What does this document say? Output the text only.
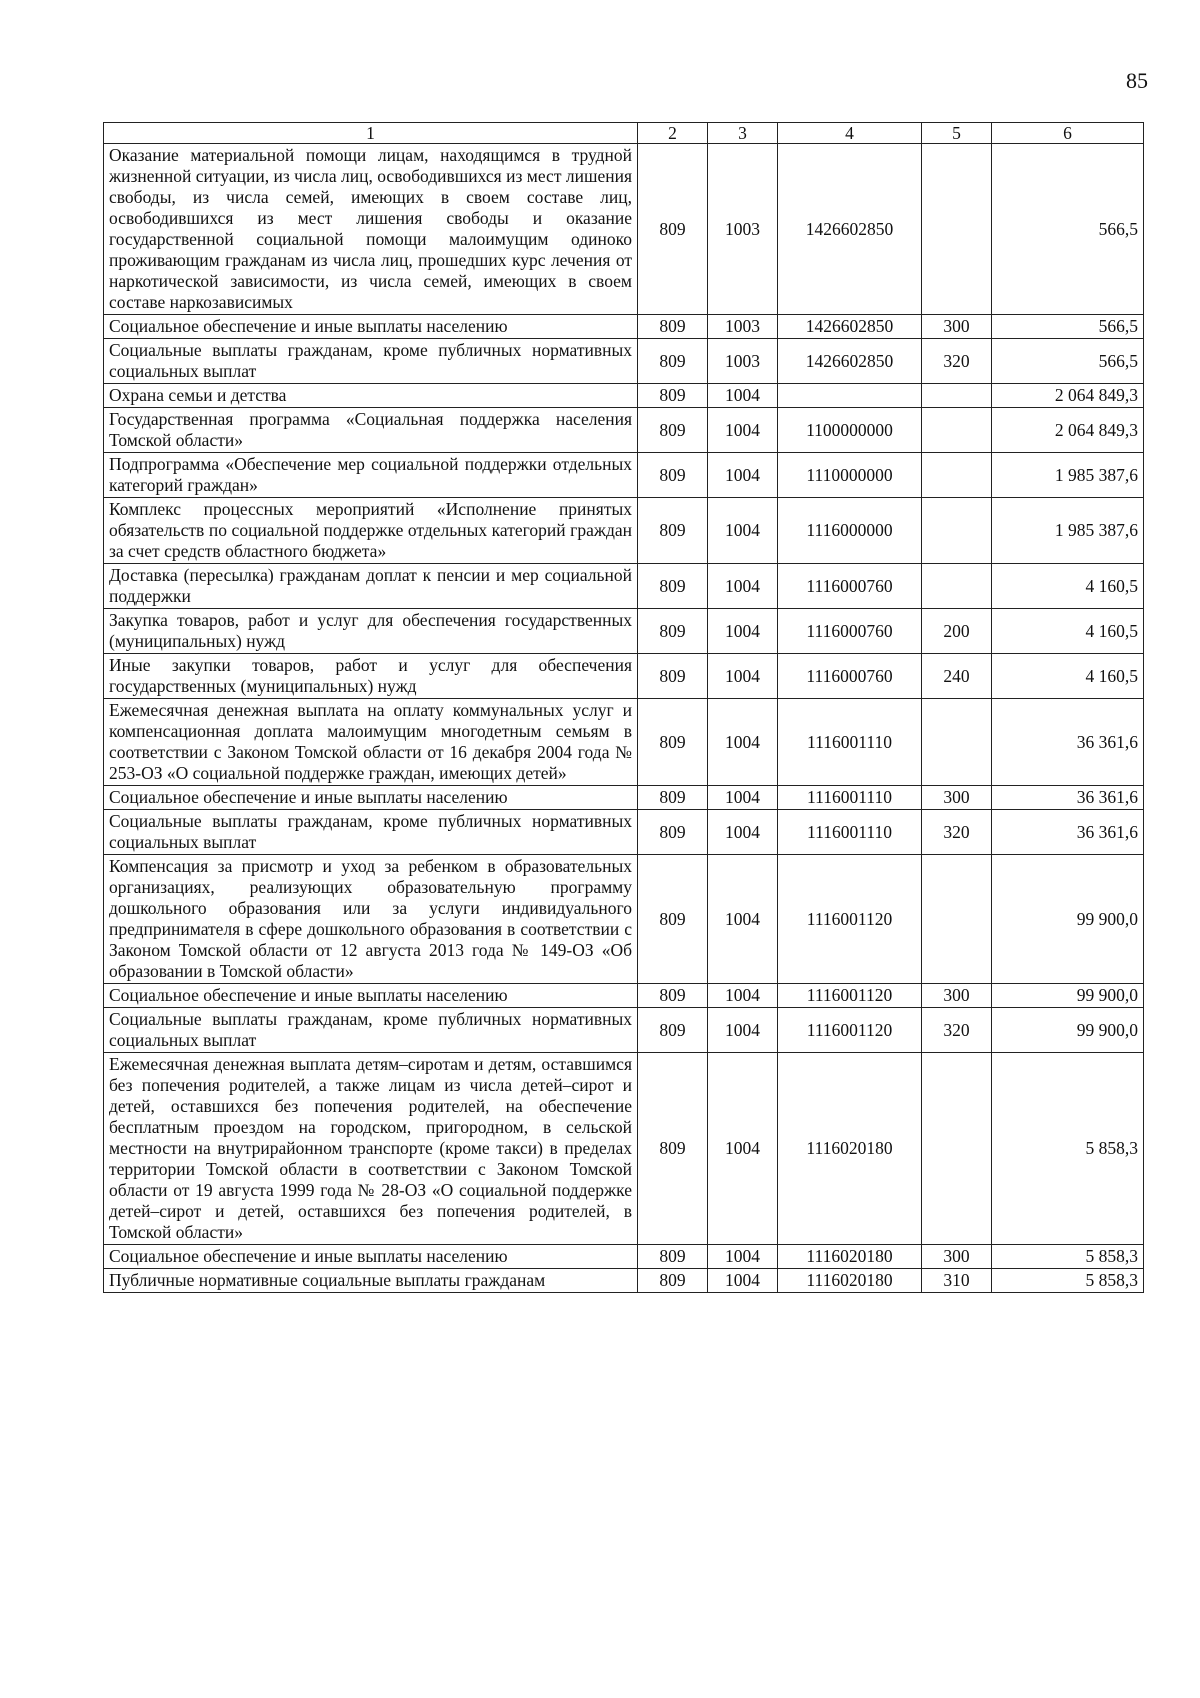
85
1	2	3	4	5	6
Оказание материальной помощи лицам, находящимся в трудной жизненной ситуации, из числа лиц, освободившихся из мест лишения свободы, из числа семей, имеющих в своем составе лиц, освободившихся из мест лишения свободы и оказание государственной социальной помощи малоимущим одиноко проживающим гражданам из числа лиц, прошедших курс лечения от наркотической зависимости, из числа семей, имеющих в своем составе наркозависимых	809	1003	1426602850		566,5
Социальное обеспечение и иные выплаты населению	809	1003	1426602850	300	566,5
Социальные выплаты гражданам, кроме публичных нормативных социальных выплат	809	1003	1426602850	320	566,5
Охрана семьи и детства	809	1004			2 064 849,3
Государственная программа «Социальная поддержка населения Томской области»	809	1004	1100000000		2 064 849,3
Подпрограмма «Обеспечение мер социальной поддержки отдельных категорий граждан»	809	1004	1110000000		1 985 387,6
Комплекс процессных мероприятий «Исполнение принятых обязательств по социальной поддержке отдельных категорий граждан за счет средств областного бюджета»	809	1004	1116000000		1 985 387,6
Доставка (пересылка) гражданам доплат к пенсии и мер социальной поддержки	809	1004	1116000760		4 160,5
Закупка товаров, работ и услуг для обеспечения государственных (муниципальных) нужд	809	1004	1116000760	200	4 160,5
Иные закупки товаров, работ и услуг для обеспечения государственных (муниципальных) нужд	809	1004	1116000760	240	4 160,5
Ежемесячная денежная выплата на оплату коммунальных услуг и компенсационная доплата малоимущим многодетным семьям в соответствии с Законом Томской области от 16 декабря 2004 года № 253-ОЗ «О социальной поддержке граждан, имеющих детей»	809	1004	1116001110		36 361,6
Социальное обеспечение и иные выплаты населению	809	1004	1116001110	300	36 361,6
Социальные выплаты гражданам, кроме публичных нормативных социальных выплат	809	1004	1116001110	320	36 361,6
Компенсация за присмотр и уход за ребенком в образовательных организациях, реализующих образовательную программу дошкольного образования или за услуги индивидуального предпринимателя в сфере дошкольного образования в соответствии с Законом Томской области от 12 августа 2013 года № 149-ОЗ «Об образовании в Томской области»	809	1004	1116001120		99 900,0
Социальное обеспечение и иные выплаты населению	809	1004	1116001120	300	99 900,0
Социальные выплаты гражданам, кроме публичных нормативных социальных выплат	809	1004	1116001120	320	99 900,0
Ежемесячная денежная выплата детям–сиротам и детям, оставшимся без попечения родителей, а также лицам из числа детей–сирот и детей, оставшихся без попечения родителей, на обеспечение бесплатным проездом на городском, пригородном, в сельской местности на внутрирайонном транспорте (кроме такси) в пределах территории Томской области в соответствии с Законом Томской области от 19 августа 1999 года № 28-ОЗ «О социальной поддержке детей–сирот и детей, оставшихся без попечения родителей, в Томской области»	809	1004	1116020180		5 858,3
Социальное обеспечение и иные выплаты населению	809	1004	1116020180	300	5 858,3
Публичные нормативные социальные выплаты гражданам	809	1004	1116020180	310	5 858,3
